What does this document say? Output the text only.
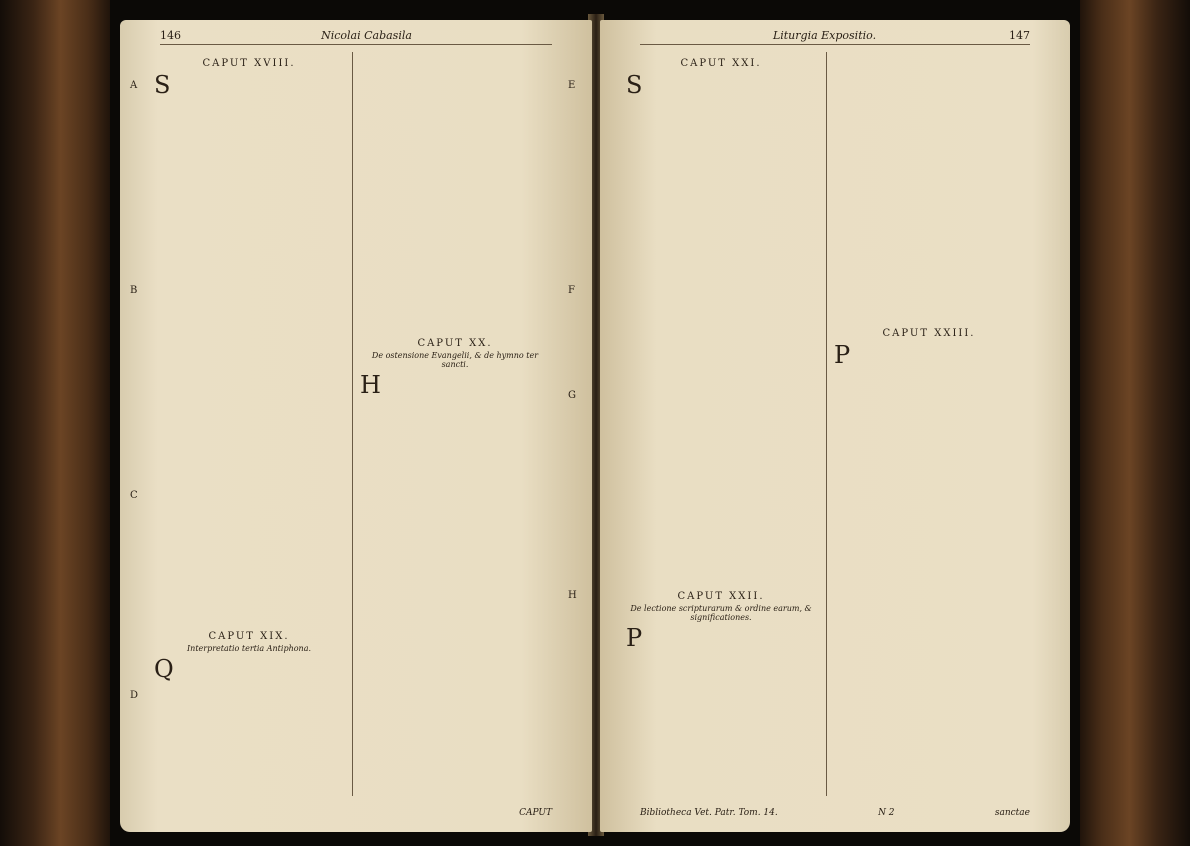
146	Nicolai Cabasila
A
B
C
D
CAPUT XVIII.
S
CAPUT XIX.
Interpretatio tertia Antiphona.
Q
CAPUT XX.
De ostensione Evangelii, & de hymno ter sancti.
H
E
F
G
H
CAPUT
Liturgia Expositio.	147
CAPUT XXI.
S
CAPUT XXII.
De lectione scripturarum & ordine earum, & significationes.
P
CAPUT XXIII.
P
Bibliotheca Vet. Patr. Tom. 14.	N 2	sanctae
